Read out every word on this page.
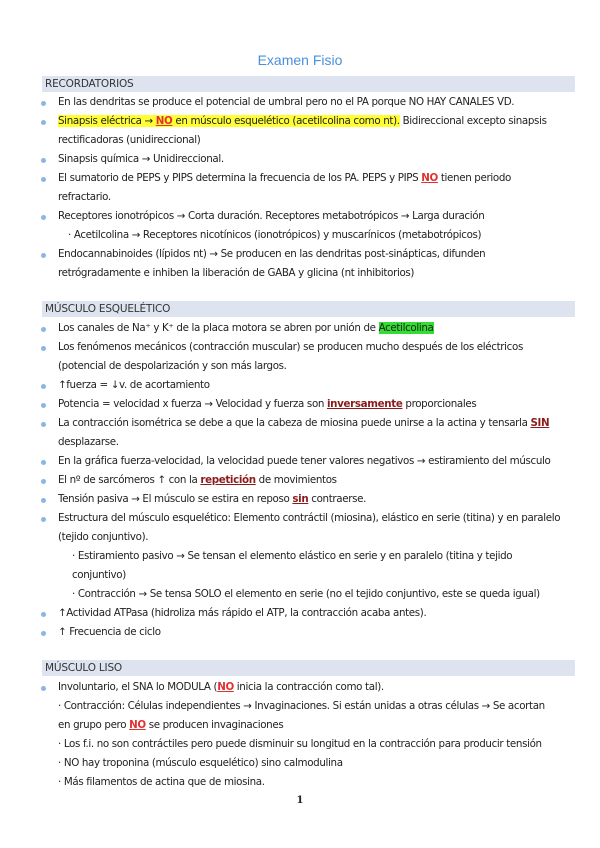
Examen Fisio
RECORDATORIOS
En las dendritas se produce el potencial de umbral pero no el PA porque NO HAY CANALES VD.
Sinapsis eléctrica → NO en músculo esquelético (acetilcolina como nt). Bidireccional excepto sinapsis
rectificadoras (unidireccional)
Sinapsis química → Unidireccional.
El sumatorio de PEPS y PIPS determina la frecuencia de los PA. PEPS y PIPS NO tienen periodo
refractario.
Receptores ionotrópicos → Corta duración. Receptores metabotrópicos → Larga duración
· Acetilcolina → Receptores nicotínicos (ionotrópicos) y muscarínicos (metabotrópicos)
Endocannabinoides (lípidos nt) → Se producen en las dendritas post-sinápticas, difunden
retrógradamente e inhiben la liberación de GABA y glicina (nt inhibitorios)
MÚSCULO ESQUELÉTICO
Los canales de Na⁺ y K⁺ de la placa motora se abren por unión de Acetilcolina
Los fenómenos mecánicos (contracción muscular) se producen mucho después de los eléctricos
(potencial de despolarización y son más largos.
↑fuerza = ↓v. de acortamiento
Potencia = velocidad x fuerza → Velocidad y fuerza son inversamente proporcionales
La contracción isométrica se debe a que la cabeza de miosina puede unirse a la actina y tensarla SIN
desplazarse.
En la gráfica fuerza-velocidad, la velocidad puede tener valores negativos → estiramiento del músculo
El nº de sarcómeros ↑ con la repetición de movimientos
Tensión pasiva → El músculo se estira en reposo sin contraerse.
Estructura del músculo esquelético: Elemento contráctil (miosina), elástico en serie (titina) y en paralelo
(tejido conjuntivo).
· Estiramiento pasivo → Se tensan el elemento elástico en serie y en paralelo (titina y tejido
conjuntivo)
· Contracción → Se tensa SOLO el elemento en serie (no el tejido conjuntivo, este se queda igual)
↑Actividad ATPasa (hidroliza más rápido el ATP, la contracción acaba antes).
↑ Frecuencia de ciclo
MÚSCULO LISO
Involuntario, el SNA lo MODULA (NO inicia la contracción como tal).
· Contracción: Células independientes → Invaginaciones. Si están unidas a otras células → Se acortan
en grupo pero NO se producen invaginaciones
· Los f.i. no son contráctiles pero puede disminuir su longitud en la contracción para producir tensión
· NO hay troponina (músculo esquelético) sino calmodulina
· Más filamentos de actina que de miosina.
1
